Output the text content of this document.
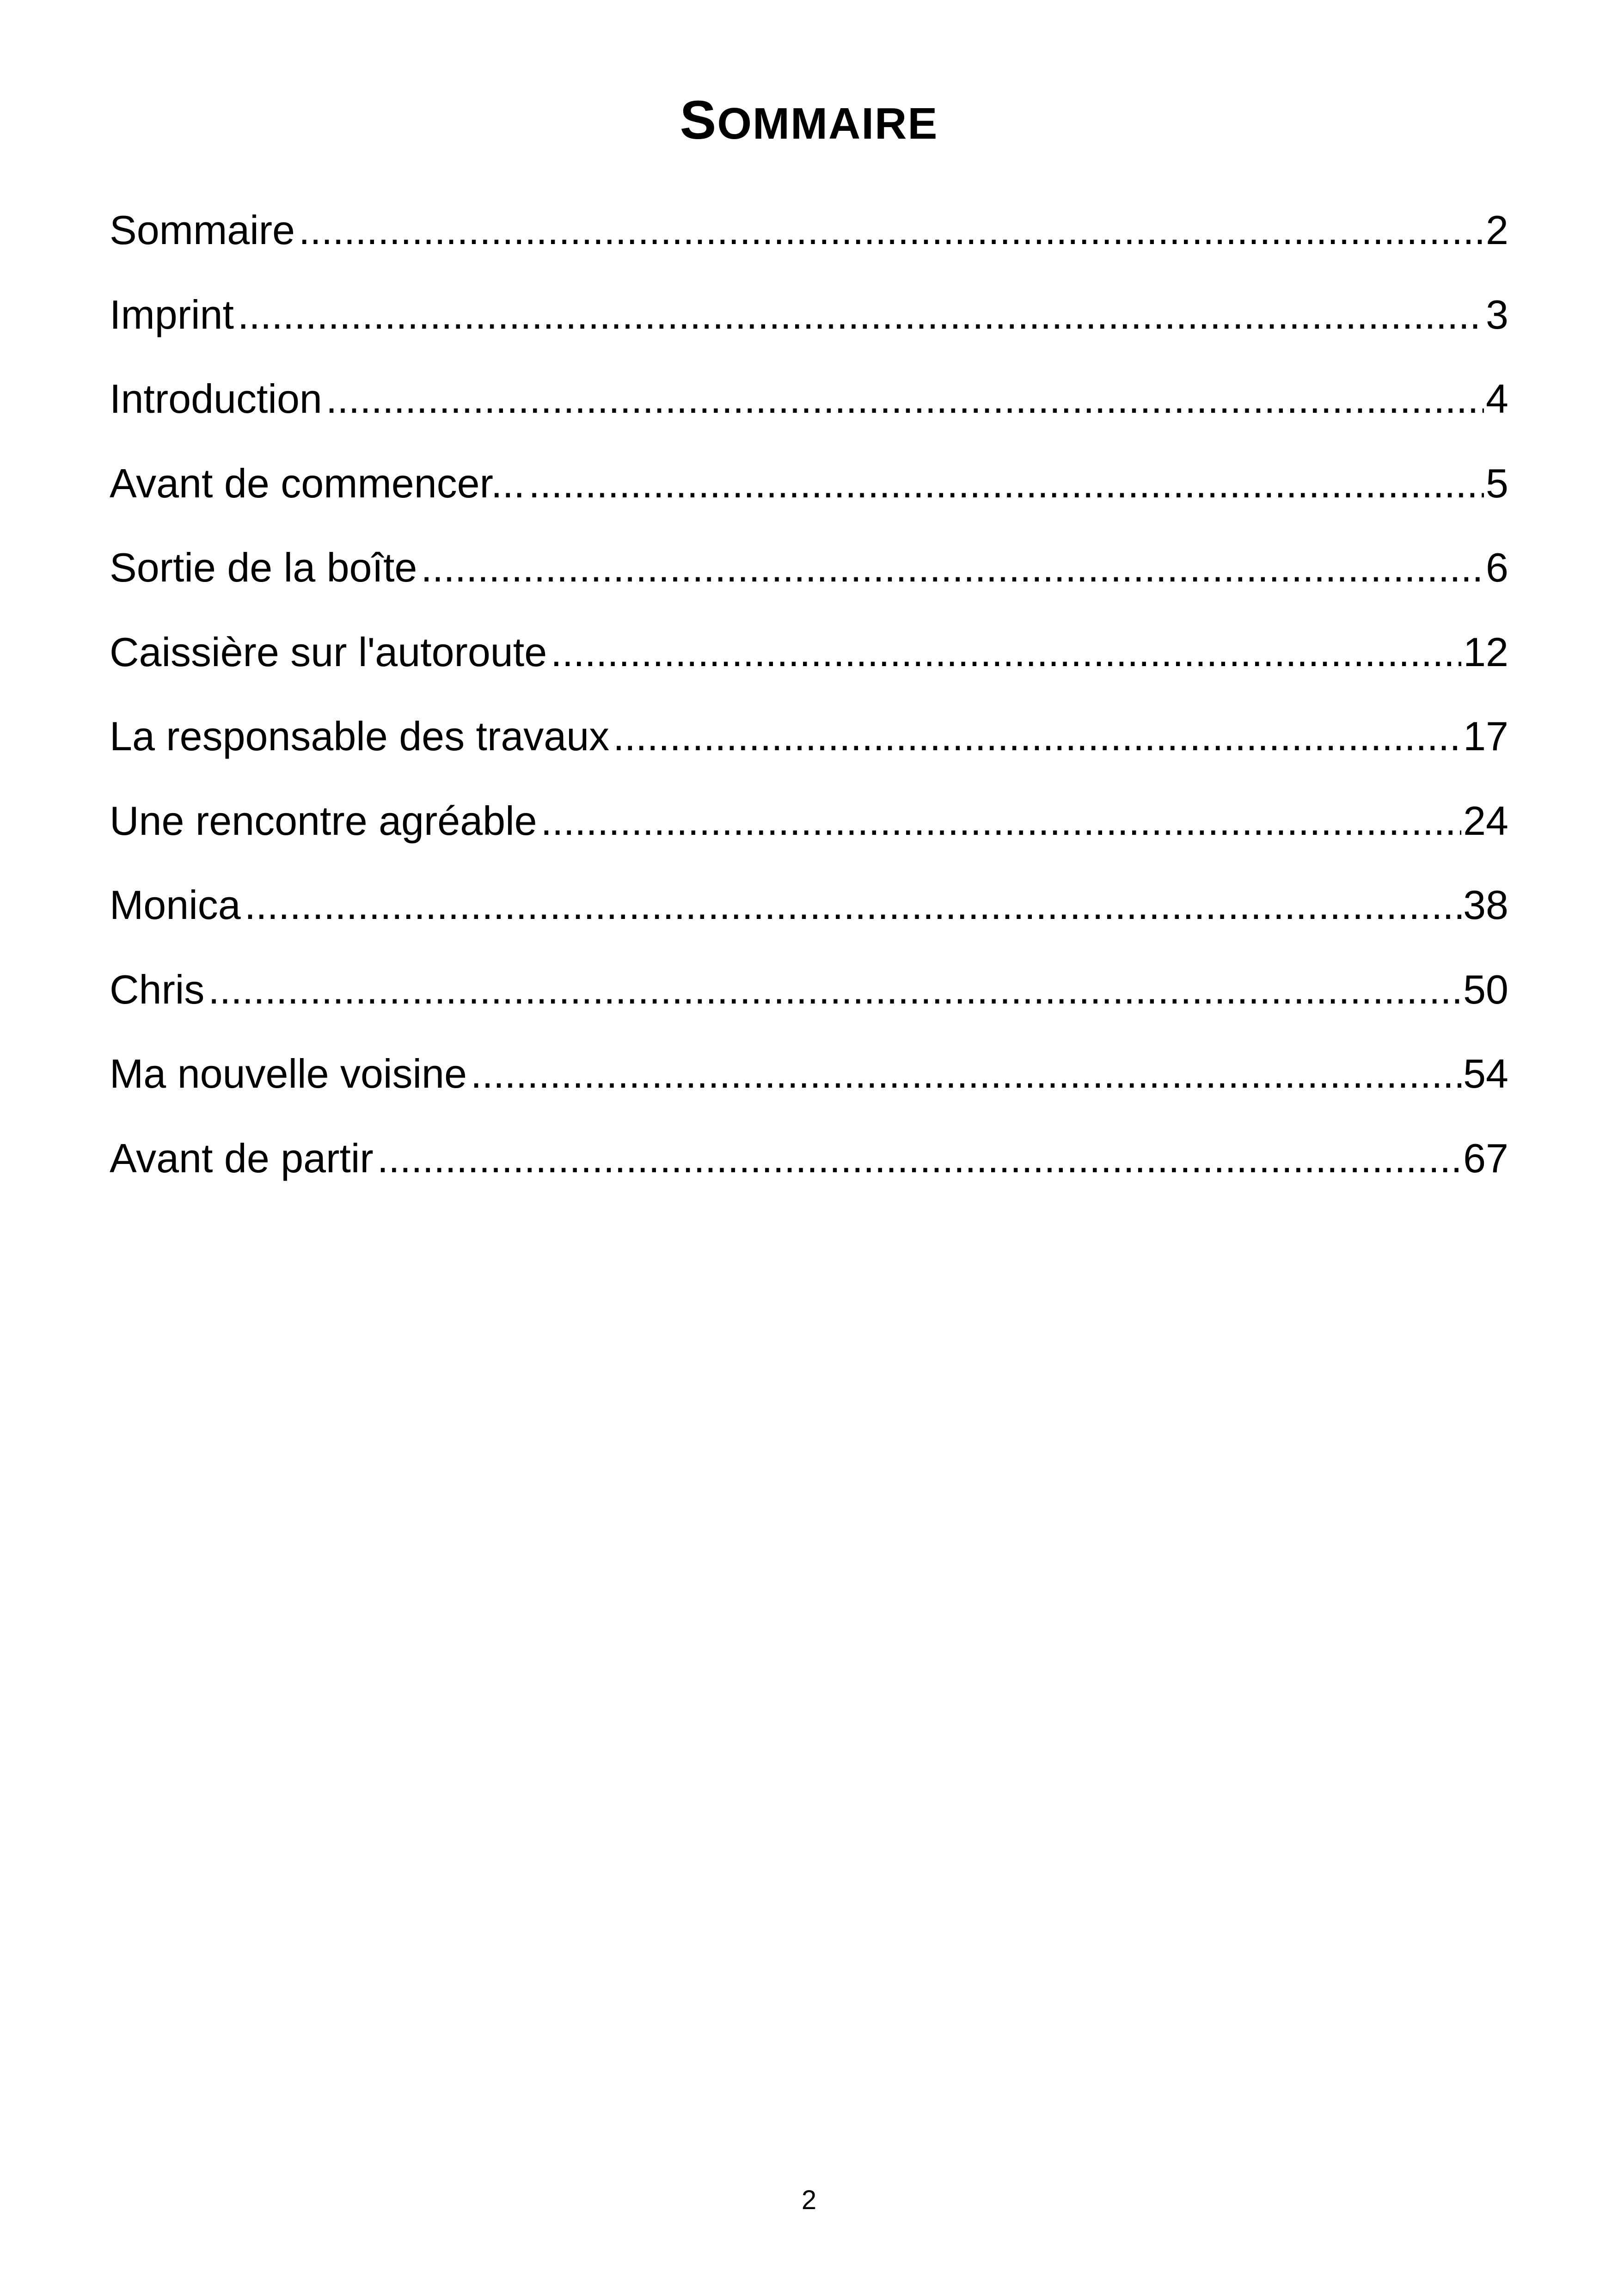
SOMMAIRE
Sommaire .....	2
Imprint .....	3
Introduction .....	4
Avant de commencer... .....	5
Sortie de la boîte .....	6
Caissière sur l'autoroute .....	12
La responsable des travaux .....	17
Une rencontre agréable .....	24
Monica .....	38
Chris .....	50
Ma nouvelle voisine .....	54
Avant de partir .....	67
2
